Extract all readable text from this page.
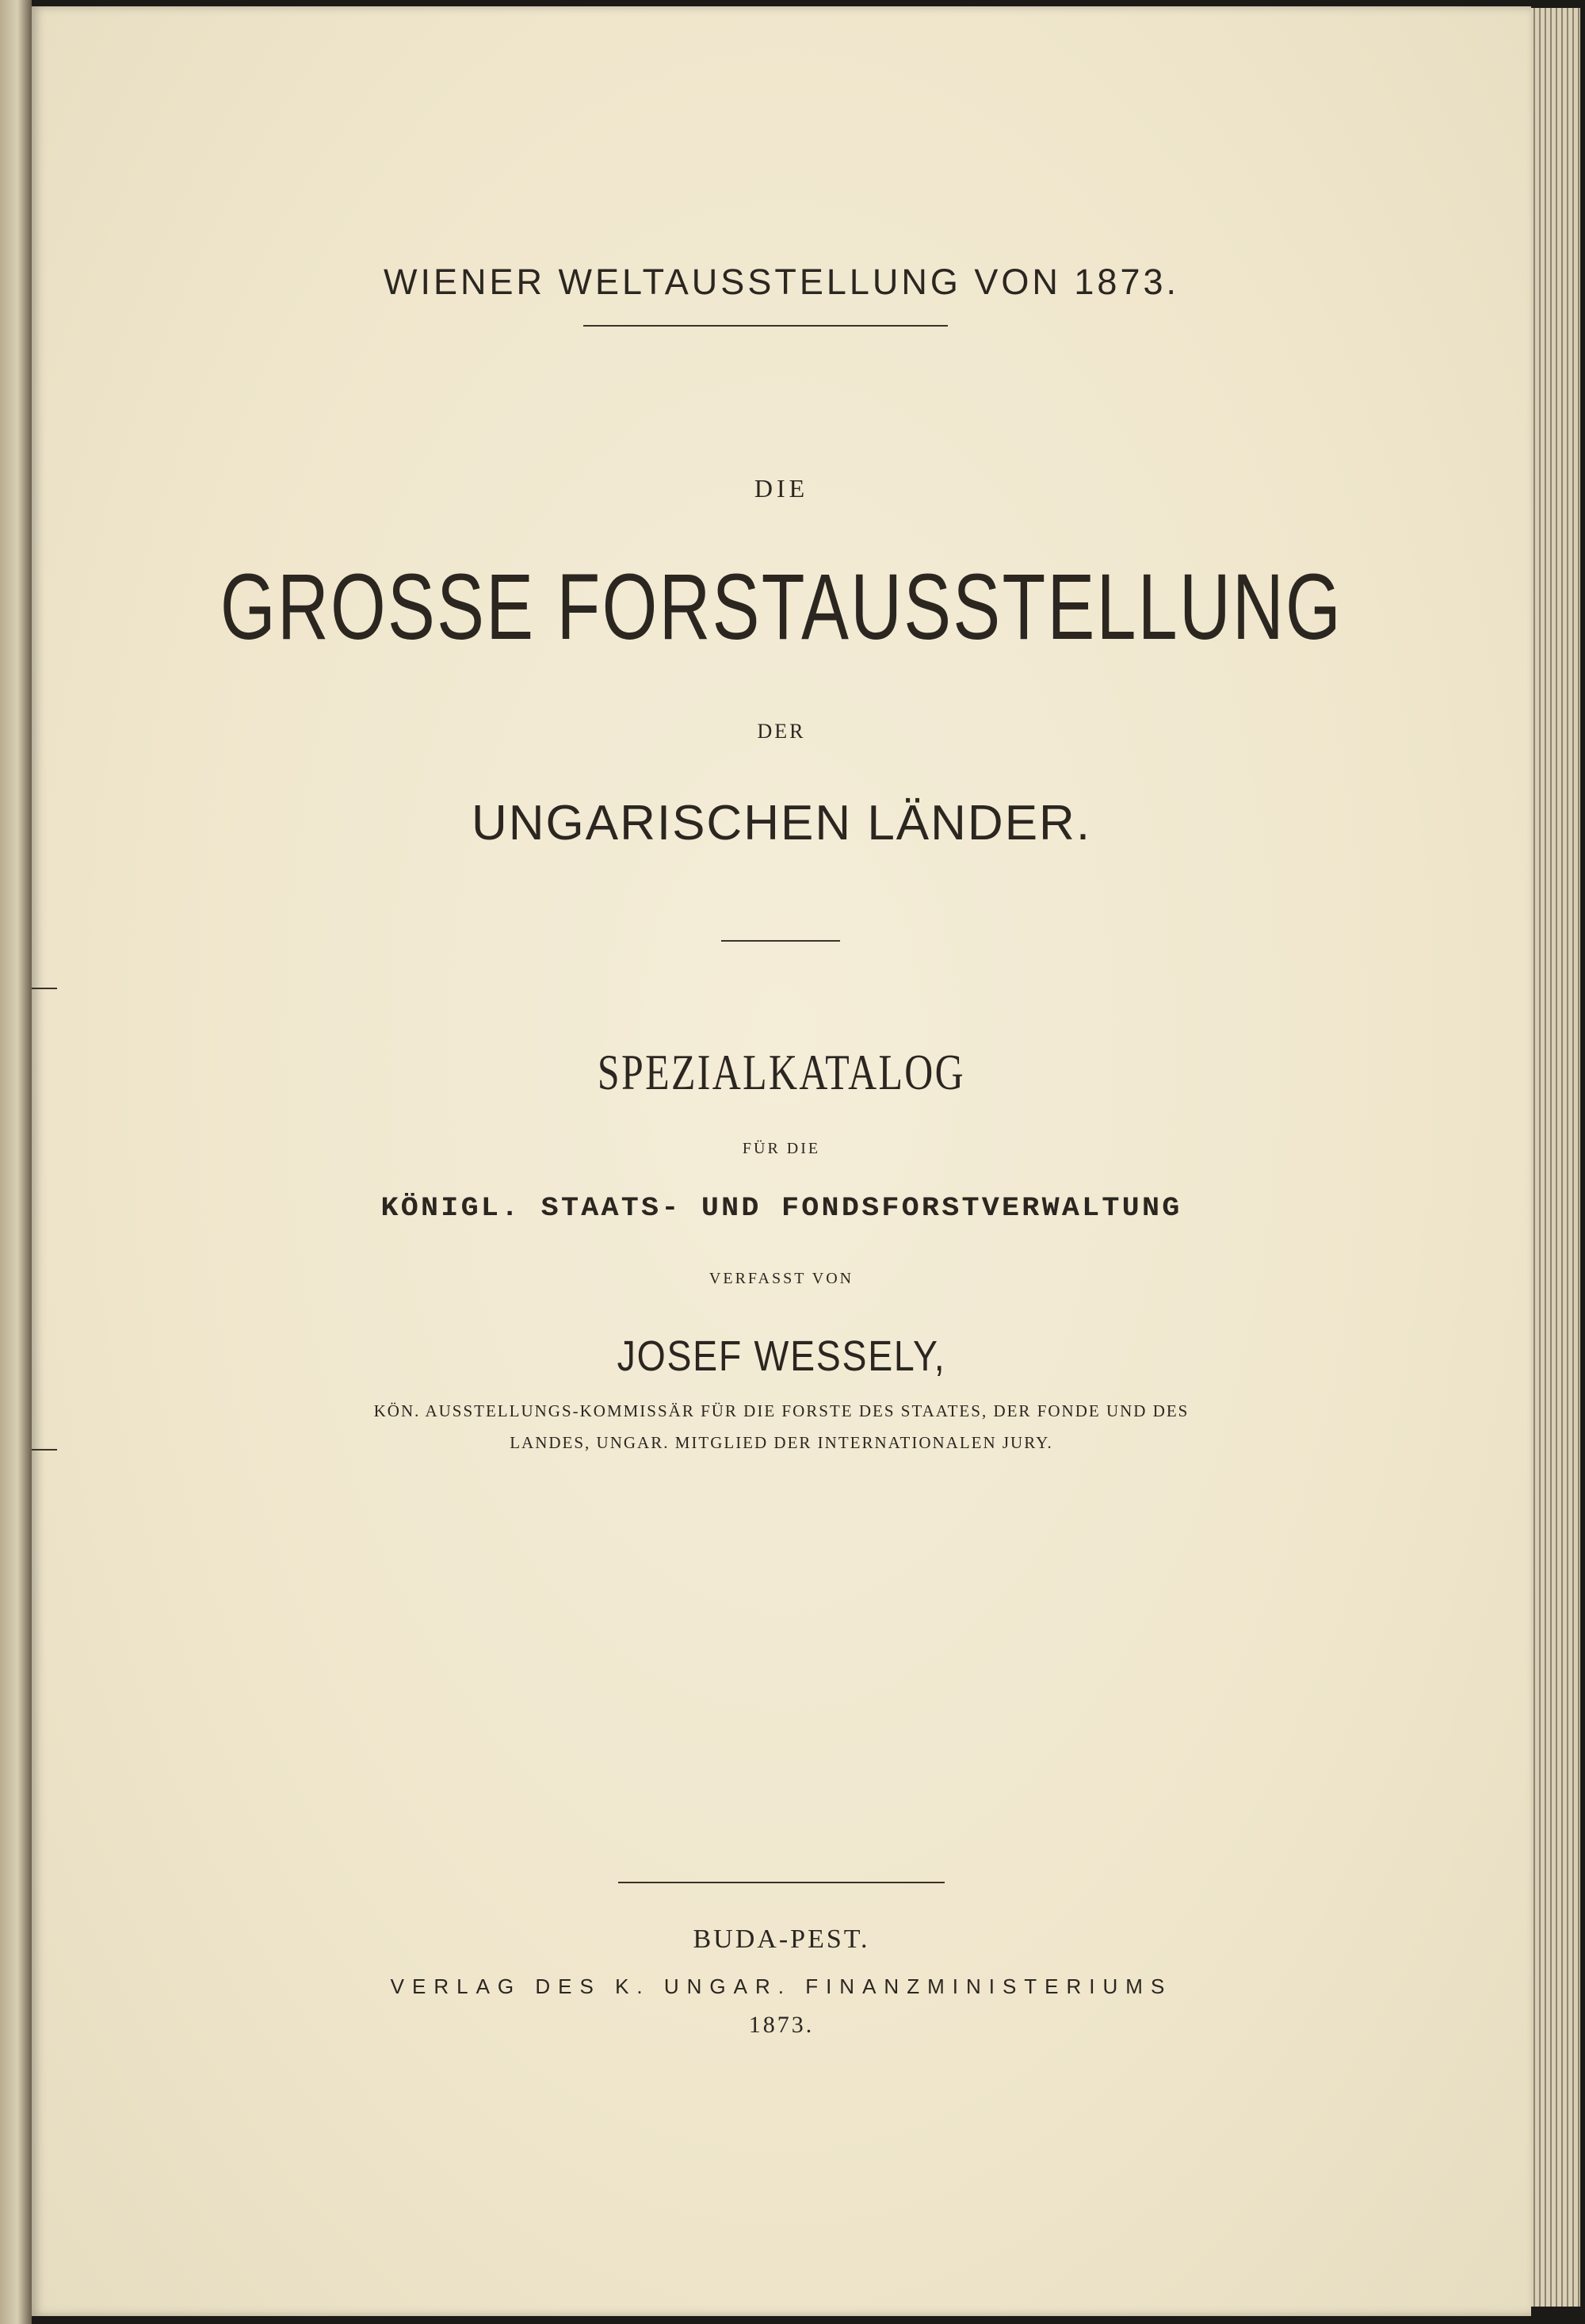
WIENER WELTAUSSTELLUNG VON 1873.
DIE
GROSSE FORSTAUSSTELLUNG
DER
UNGARISCHEN LÄNDER.
SPEZIALKATALOG
FÜR DIE
KÖNIGL. STAATS- UND FONDSFORSTVERWALTUNG
VERFASST VON
JOSEF WESSELY,
KÖN. AUSSTELLUNGS-KOMMISSÄR FÜR DIE FORSTE DES STAATES, DER FONDE UND DES
LANDES, UNGAR. MITGLIED DER INTERNATIONALEN JURY.
BUDA-PEST.
VERLAG DES K. UNGAR. FINANZMINISTERIUMS
1873.
